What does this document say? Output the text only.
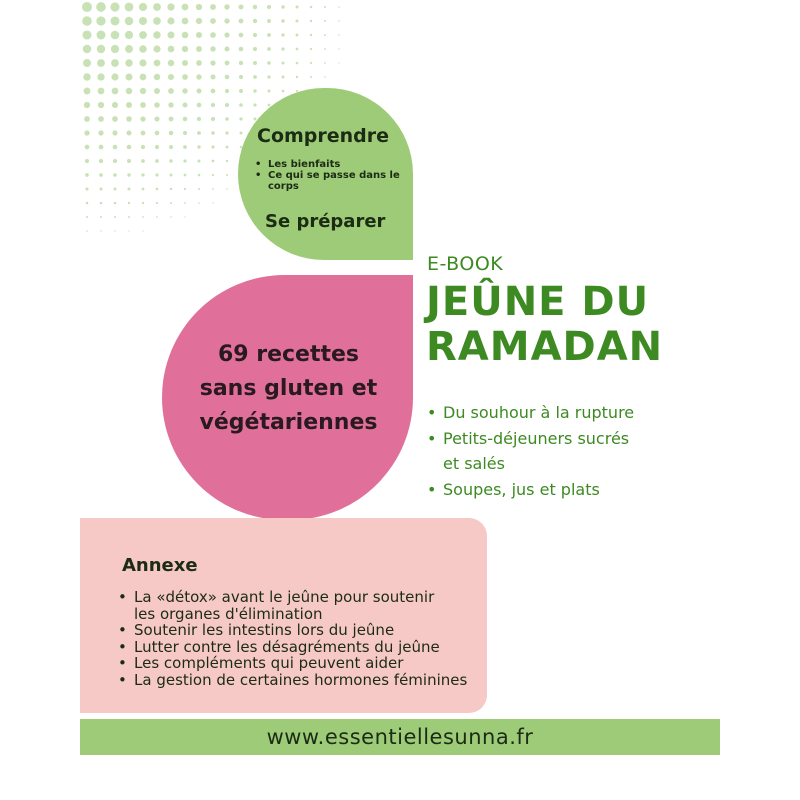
Comprendre

• Les bienfaits
• Ce qui se passe dans le corps

Se préparer

69 recettes
sans gluten et
végétariennes

E-BOOK

JEÛNE DU
RAMADAN
• Du souhour à la rupture
• Petits-déjeuners sucrés et salés
• Soupes, jus et plats

Annexe

• La «détox» avant le jeûne pour soutenir les organes d'élimination
• Soutenir les intestins lors du jeûne
• Lutter contre les désagréments du jeûne
• Les compléments qui peuvent aider
• La gestion de certaines hormones féminines
www.essentiellesunna.fr
